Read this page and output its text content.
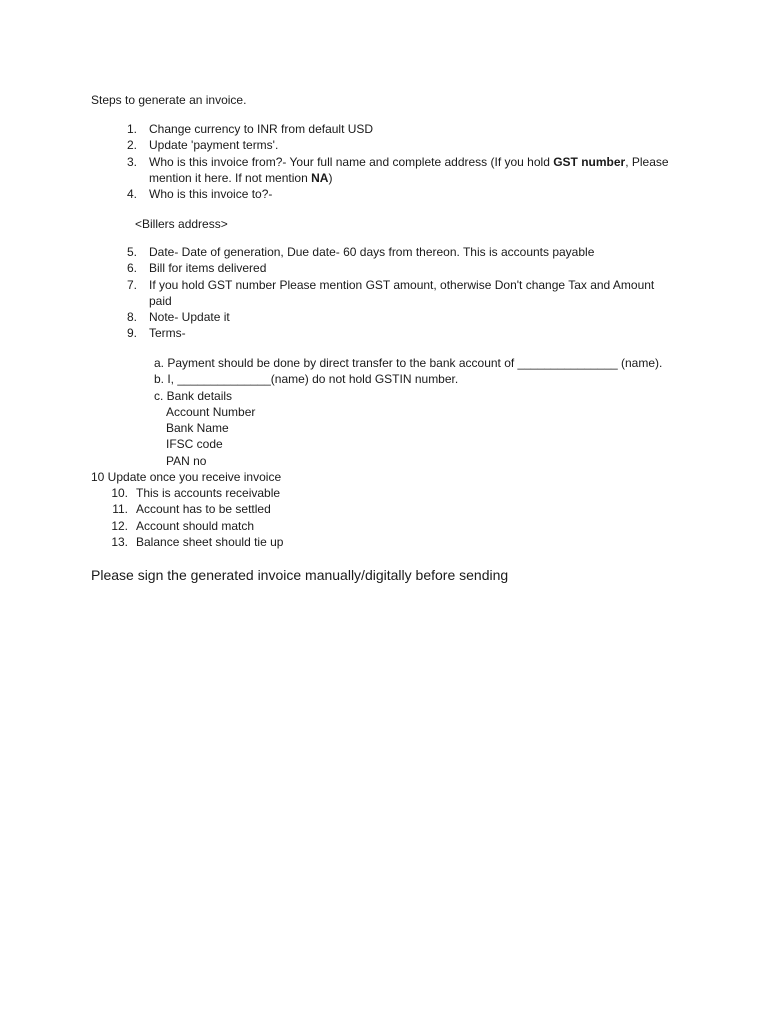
Steps to generate an invoice.
1. Change currency to INR from default USD
2. Update 'payment terms'.
3. Who is this invoice from?- Your full name and complete address (If you hold GST number, Please mention it here. If not mention NA)
4. Who is this invoice to?-
<Billers address>
5. Date- Date of generation, Due date- 60 days from thereon. This is accounts payable
6. Bill for items delivered
7. If you hold GST number Please mention GST amount, otherwise Don't change Tax and Amount paid
8. Note- Update it
9. Terms-
a. Payment should be done by direct transfer to the bank account of _______________ (name).
b. I, ______________(name) do not hold GSTIN number.
c. Bank details
Account Number
Bank Name
IFSC code
PAN no
10 Update once you receive invoice
10. This is accounts receivable
11. Account has to be settled
12. Account should match
13. Balance sheet should tie up
Please sign the generated invoice manually/digitally before sending
